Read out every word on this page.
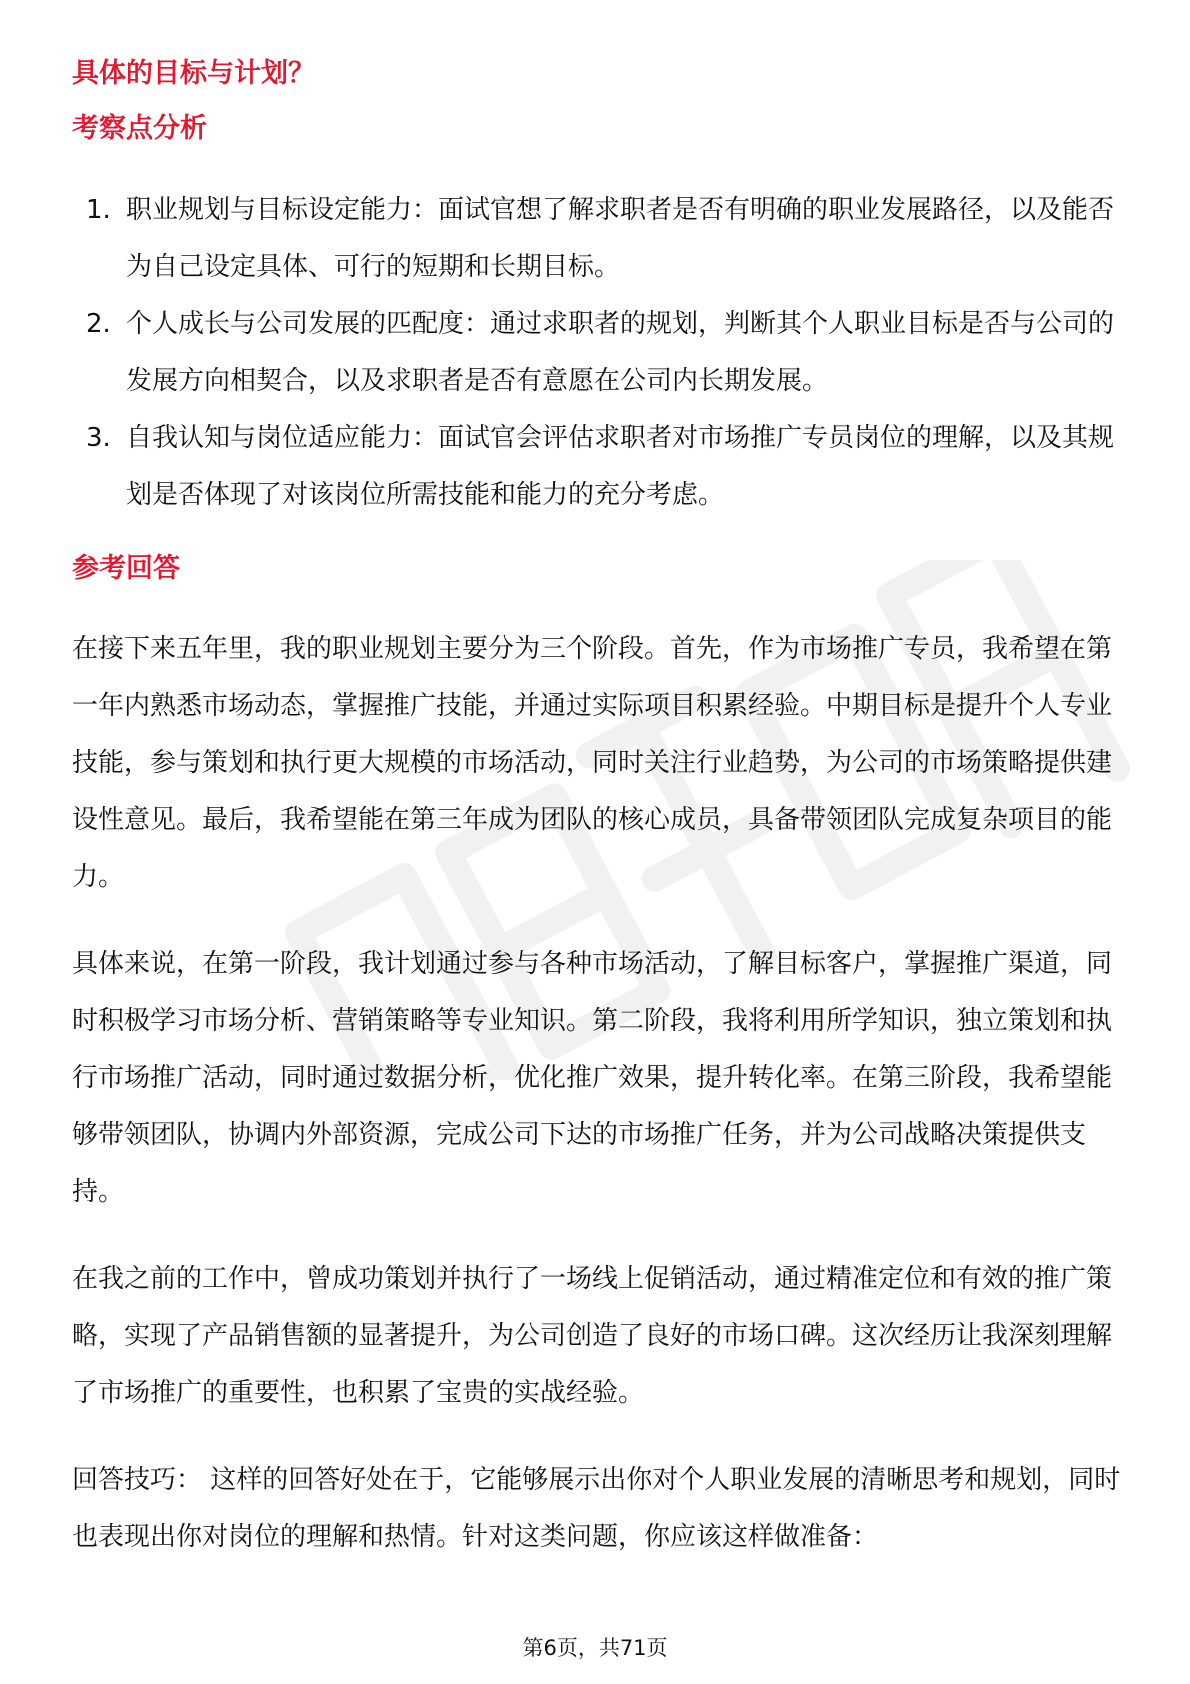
具体的目标与计划？
考察点分析
1. 职业规划与目标设定能力：面试官想了解求职者是否有明确的职业发展路径，以及能否为自己设定具体、可行的短期和长期目标。
2. 个人成长与公司发展的匹配度：通过求职者的规划，判断其个人职业目标是否与公司的发展方向相契合，以及求职者是否有意愿在公司内长期发展。
3. 自我认知与岗位适应能力：面试官会评估求职者对市场推广专员岗位的理解，以及其规划是否体现了对该岗位所需技能和能力的充分考虑。
参考回答

在接下来五年里，我的职业规划主要分为三个阶段。首先，作为市场推广专员，我希望在第一年内熟悉市场动态，掌握推广技能，并通过实际项目积累经验。中期目标是提升个人专业技能，参与策划和执行更大规模的市场活动，同时关注行业趋势，为公司的市场策略提供建设性意见。最后，我希望能在第三年成为团队的核心成员，具备带领团队完成复杂项目的能力。

具体来说，在第一阶段，我计划通过参与各种市场活动，了解目标客户，掌握推广渠道，同时积极学习市场分析、营销策略等专业知识。第二阶段，我将利用所学知识，独立策划和执行市场推广活动，同时通过数据分析，优化推广效果，提升转化率。在第三阶段，我希望能够带领团队，协调内外部资源，完成公司下达的市场推广任务，并为公司战略决策提供支持。

在我之前的工作中，曾成功策划并执行了一场线上促销活动，通过精准定位和有效的推广策略，实现了产品销售额的显著提升，为公司创造了良好的市场口碑。这次经历让我深刻理解了市场推广的重要性，也积累了宝贵的实战经验。

回答技巧： 这样的回答好处在于，它能够展示出你对个人职业发展的清晰思考和规划，同时也表现出你对岗位的理解和热情。针对这类问题，你应该这样做准备：

第6页，共71页
